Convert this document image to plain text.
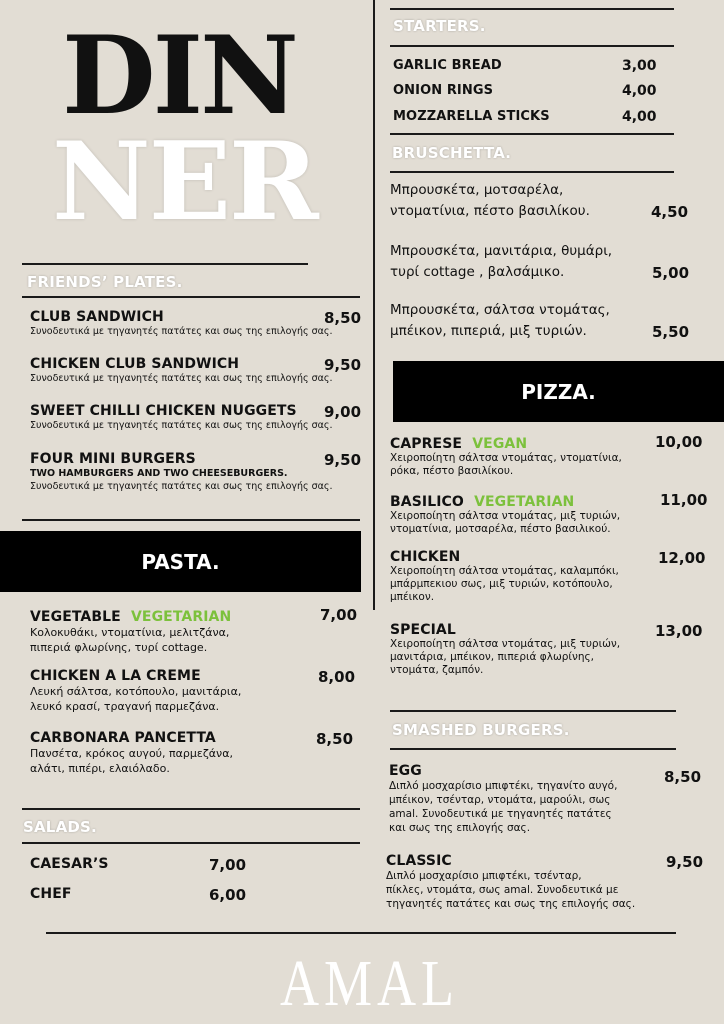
DIN
NER
FRIENDS’ PLATES.
CLUB SANDWICH
Συνοδευτικά με τηγανητές πατάτες και σως της επιλογής σας.
8,50
CHICKEN CLUB SANDWICH
Συνοδευτικά με τηγανητές πατάτες και σως της επιλογής σας.
9,50
SWEET CHILLI CHICKEN NUGGETS
Συνοδευτικά με τηγανητές πατάτες και σως της επιλογής σας.
9,00
FOUR MINI BURGERS
TWO HAMBURGERS AND TWO CHEESEBURGERS.
Συνοδευτικά με τηγανητές πατάτες και σως της επιλογής σας.
9,50
PASTA.
VEGETABLE VEGETARIAN
Κολοκυθάκι, ντοματίνια, μελιτζάνα,
πιπεριά φλωρίνης, τυρί cottage.
7,00
CHICKEN A LA CREME
Λευκή σάλτσα, κοτόπουλο, μανιτάρια,
λευκό κρασί, τραγανή παρμεζάνα.
8,00
CARBONARA PANCETTA
Πανσέτα, κρόκος αυγού, παρμεζάνα,
αλάτι, πιπέρι, ελαιόλαδο.
8,50
SALADS.
CAESAR’S	7,00
CHEF	6,00
STARTERS.
GARLIC BREAD	3,00
ONION RINGS	4,00
MOZZARELLA STICKS	4,00
BRUSCHETTA.
Μπρουσκέτα, μοτσαρέλα,
ντοματίνια, πέστο βασιλίκου.	4,50
Μπρουσκέτα, μανιτάρια, θυμάρι,
τυρί cottage , βαλσάμικο.	5,00
Μπρουσκέτα, σάλτσα ντομάτας,
μπέικον, πιπεριά, μιξ τυριών.	5,50
PIZZA.
CAPRESE VEGAN
Χειροποίητη σάλτσα ντομάτας, ντοματίνια,
ρόκα, πέστο βασιλίκου.
10,00
BASILICO VEGETARIAN
Χειροποίητη σάλτσα ντομάτας, μιξ τυριών,
ντοματίνια, μοτσαρέλα, πέστο βασιλικού.
11,00
CHICKEN
Χειροποίητη σάλτσα ντομάτας, καλαμπόκι,
μπάρμπεκιου σως, μιξ τυριών, κοτόπουλο,
μπέικον.
12,00
SPECIAL
Χειροποίητη σάλτσα ντομάτας, μιξ τυριών,
μανιτάρια, μπέικον, πιπεριά φλωρίνης,
ντομάτα, ζαμπόν.
13,00
SMASHED BURGERS.
EGG
Διπλό μοσχαρίσιο μπιφτέκι, τηγανίτο αυγό,
μπέικον, τσένταρ, ντομάτα, μαρούλι, σως
amal. Συνοδευτικά με τηγανητές πατάτες
και σως της επιλογής σας.
8,50
CLASSIC
Διπλό μοσχαρίσιο μπιφτέκι, τσένταρ,
πίκλες, ντομάτα, σως amal. Συνοδευτικά με
τηγανητές πατάτες και σως της επιλογής σας.
9,50
AMAL
